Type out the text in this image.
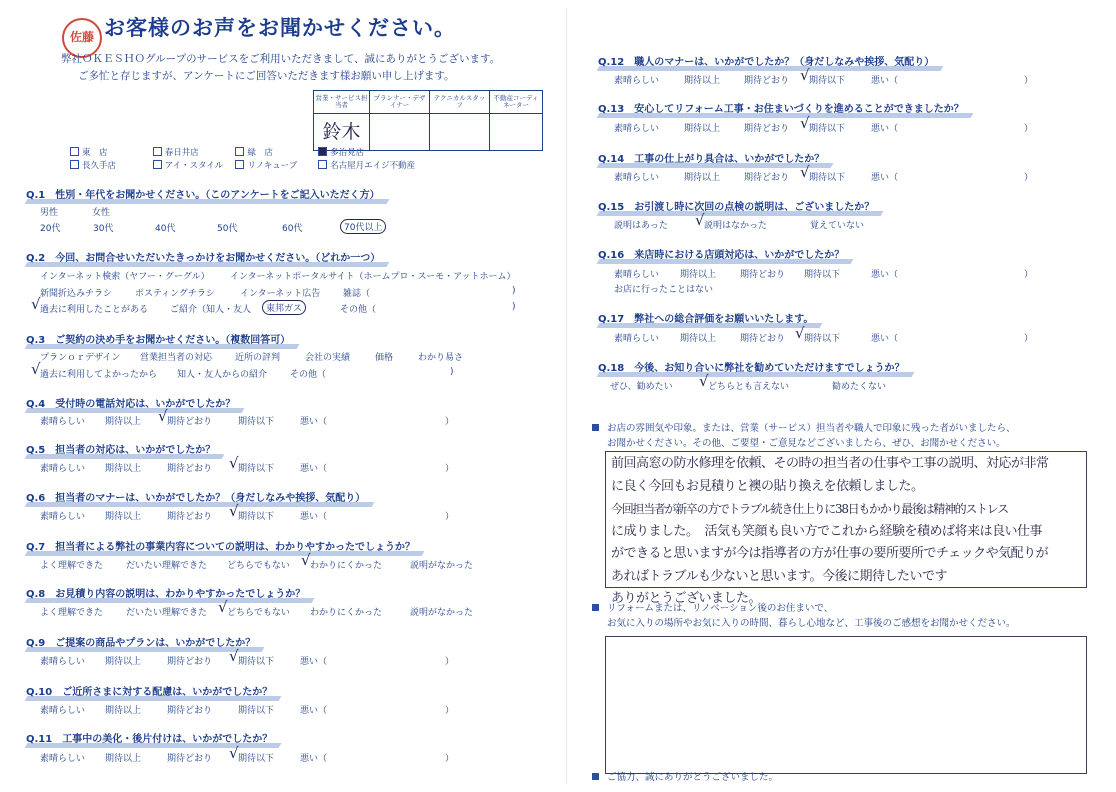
佐藤 お客様のお声をお聞かせください。
弊社ＯＫＥＳＨＯグループのサービスをご利用いただきまして、誠にありがとうございます。
ご多忙と存じますが、アンケートにご回答いただきます様お願い申し上げます。
営業・サービス担当者	プランナー・デザイナー	テクニカルスタッフ	不動産コーディネーター
鈴木			
東　店	春日井店	緑　店	多治見店
長久手店	アイ・スタイル	リノキューブ	名古屋月エイジ不動産
Q.1　性別・年代をお聞かせください。（このアンケートをご記入いただく方）
男性	女性
20代	30代	40代	50代	60代	70代以上
Q.2　今回、お問合せいただいたきっかけをお聞かせください。（どれか一つ）
インターネット検索（ヤフー・グーグル） インターネットポータルサイト（ホームプロ・スーモ・アットホーム）
新聞折込みチラシ	ポスティングチラシ	インターネット広告	雑誌（	)
√ 過去に利用したことがある ご紹介（知人・友人	東邦ガス	その他（	)
Q.3　ご契約の決め手をお聞かせください。（複数回答可）
プランｏｒデザイン 営業担当者の対応	近所の評判	会社の実績	価格	わかり易さ
√ 過去に利用してよかったから 知人・友人からの紹介	その他（	)
Q.4　受付時の電話対応は、いかがでしたか？
素晴らしい 期待以上 √ 期待どおり	期待以下	悪い（	）
Q.5　担当者の対応は、いかがでしたか？
素晴らしい 期待以上	期待どおり √ 期待以下	悪い（	）
Q.6　担当者のマナーは、いかがでしたか？（身だしなみや挨拶、気配り）
素晴らしい 期待以上	期待どおり √ 期待以下	悪い（	）
Q.7　担当者による弊社の事業内容についての説明は、わかりやすかったでしょうか？
よく理解できた	だいたい理解できた どちらでもない √ わかりにくかった	説明がなかった
Q.8　お見積り内容の説明は、わかりやすかったでしょうか？
よく理解できた	だいたい理解できた √ どちらでもない わかりにくかった	説明がなかった
Q.9　ご提案の商品やプランは、いかがでしたか？
素晴らしい 期待以上	期待どおり √ 期待以下	悪い（	）
Q.10　ご近所さまに対する配慮は、いかがでしたか？
素晴らしい 期待以上	期待どおり	期待以下	悪い（	）
Q.11　工事中の美化・後片付けは、いかがでしたか？
素晴らしい 期待以上	期待どおり √ 期待以下	悪い（	）
Q.12　職人のマナーは、いかがでしたか？（身だしなみや挨拶、気配り）
素晴らしい	期待以上	期待どおり √ 期待以下	悪い（	）
Q.13　安心してリフォーム工事・お住まいづくりを進めることができましたか？
素晴らしい	期待以上	期待どおり √ 期待以下	悪い（	）
Q.14　工事の仕上がり具合は、いかがでしたか？
素晴らしい	期待以上	期待どおり √ 期待以下	悪い（	）
Q.15　お引渡し時に次回の点検の説明は、ございましたか？
説明はあった √ 説明はなかった	覚えていない
Q.16　来店時における店頭対応は、いかがでしたか？
素晴らしい 期待以上	期待どおり 期待以下	悪い（	）
お店に行ったことはない
Q.17　弊社への総合評価をお願いいたします。
素晴らしい 期待以上	期待どおり √ 期待以下	悪い（	）
Q.18　今後、お知り合いに弊社を勧めていただけますでしょうか？
ぜひ、勧めたい √ どちらとも言えない	勧めたくない
お店の雰囲気や印象。または、営業（サービス）担当者や職人で印象に残った者がいましたら、
お聞かせください。その他、ご要望・ご意見などございましたら、ぜひ、お聞かせください。
前回高窓の防水修理を依頼、その時の担当者の仕事や工事の説明、対応が非常
に良く今回もお見積りと襖の貼り換えを依頼しました。
今回担当者が新卒の方でトラブル続き仕上りに38日もかかり最後は精神的ストレス
に成りました。　活気も笑顔も良い方でこれから経験を積めば将来は良い仕事
ができると思いますが今は指導者の方が仕事の要所要所でチェックや気配りが
あればトラブルも少ないと思います。今後に期待したいです
ありがとうございました。
リフォームまたは、リノベーション後のお住まいで、
お気に入りの場所やお気に入りの時間、暮らし心地など、工事後のご感想をお聞かせください。
ご協力、誠にありがとうございました。
